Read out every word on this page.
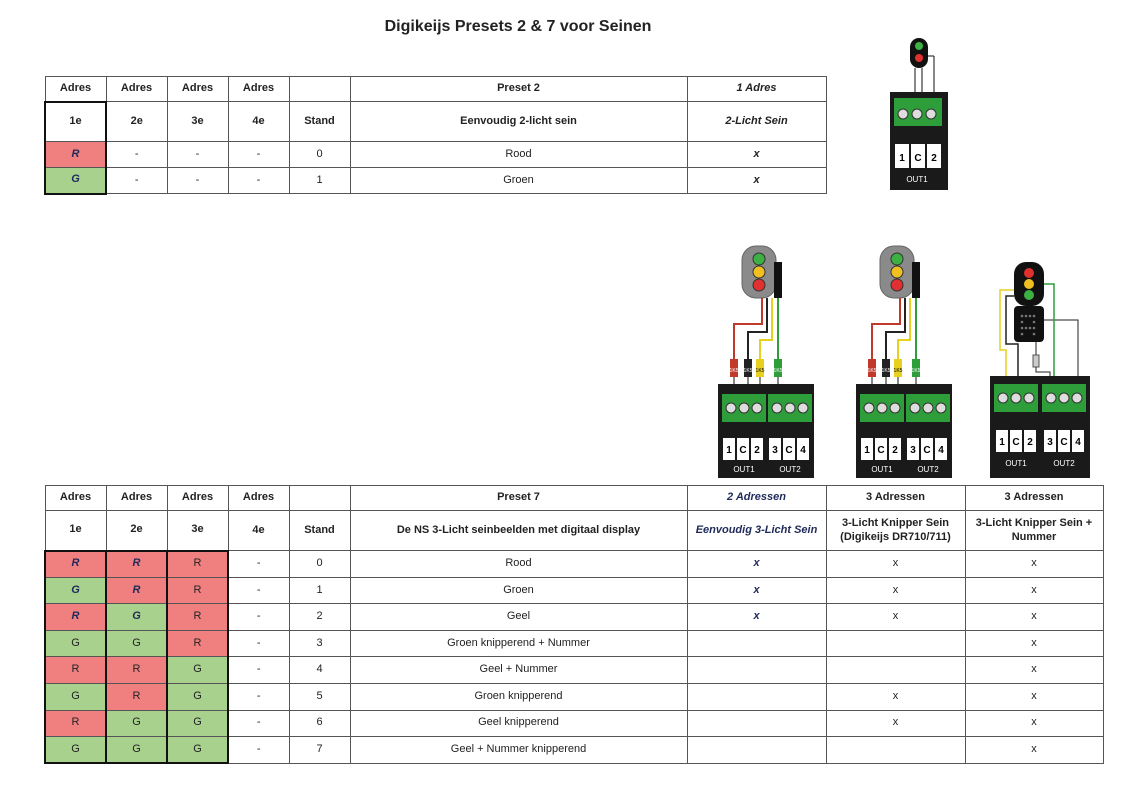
Digikeijs Presets 2 & 7 voor Seinen
Adres	Adres	Adres	Adres		Preset 2	1 Adres
1e	2e	3e	4e	Stand	Eenvoudig 2-licht sein	2-Licht Sein
R	-	-	-	0	Rood	x
G	-	-	-	1	Groen	x
Adres	Adres	Adres	Adres		Preset 7	2 Adressen	3 Adressen	3 Adressen
1e	2e	3e	4e	Stand	De NS 3-Licht seinbeelden met digitaal display	Eenvoudig 3-Licht Sein	3-Licht Knipper Sein (Digikeijs DR710/711)	3-Licht Knipper Sein + Nummer
R	R	R	-	0	Rood	x	x	x
G	R	R	-	1	Groen	x	x	x
R	G	R	-	2	Geel	x	x	x
G	G	R	-	3	Groen knipperend + Nummer			x
R	R	G	-	4	Geel + Nummer			x
G	R	G	-	5	Groen knipperend		x	x
R	G	G	-	6	Geel knipperend		x	x
G	G	G	-	7	Geel + Nummer knipperend			x
1 C 2
OUT1
1K5 1K5 1K5 1K5
1 C 2 3 C 4
OUT1	OUT2
1K5 1K5 1K5 1K5
1 C 2 3 C 4
OUT1	OUT2
1 C 2 3 C 4
OUT1	OUT2
